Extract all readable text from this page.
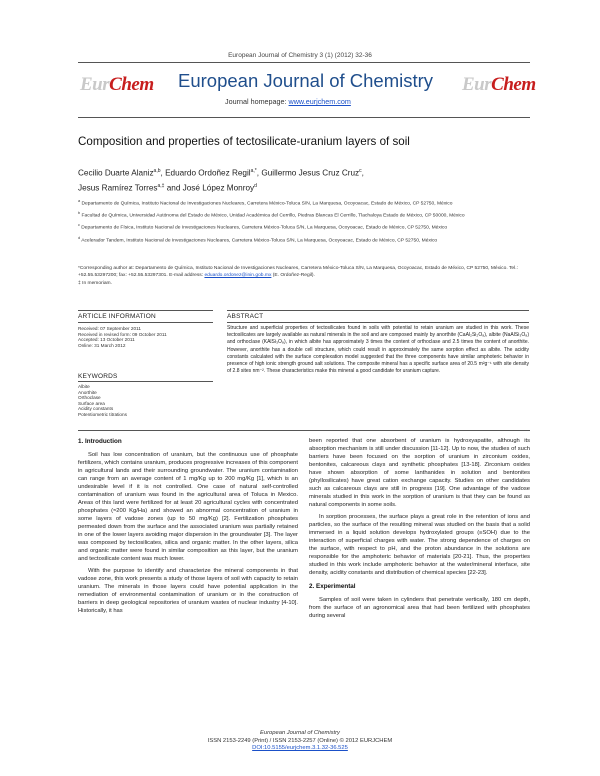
European Journal of Chemistry 3 (1) (2012) 32-36
EurChem	EurChem
European Journal of Chemistry
Journal homepage: www.eurjchem.com
Composition and properties of tectosilicate-uranium layers of soil
Cecilio Duarte Alaniz$^{a,b}$, Eduardo Ordoñez Regil$^{a,*}$, Guillermo Jesus Cruz Cruz$^c$,
Jesus Ramírez Torres$^{a,\ddagger}$ and José López Monroy$^d$

$^a$ Departamento de Química, Instituto Nacional de Investigaciones Nucleares, Carretera México-Toluca S/N, La Marquesa, Ocoyoacac, Estado de México, CP 52750, México

$^b$ Facultad de Química, Universidad Autónoma del Estado de México, Unidad Académica del Cerrillo, Piedras Blancas El Cerrillo, Tlachaloya Estado de México, CP 50000, México

$^c$ Departamento de Física, Instituto Nacional de Investigaciones Nucleares, Carretera México-Toluca S/N, La Marquesa, Ocoyoacac, Estado de México, CP 52750, México

$^d$ Acelerador Tandem, Instituto Nacional de Investigaciones Nucleares, Carretera México-Toluca S/N, La Marquesa, Ocoyoacac, Estado de México, CP 52750, México

*Corresponding author at: Departamento de Química, Instituto Nacional de Investigaciones Nucleares, Carretera México-Toluca S/N, La Marquesa, Ocoyoacac, Estado de México, CP 52750, México. Tel.: +52.55.53297200; fax: +52.55.53297301. E-mail address: eduardo.ordonez@inin.gob.mx (E. Ordoñez-Regil).

‡ In memoriam.

ARTICLE INFORMATION
Received: 07 September 2011
Received in revised form: 09 October 2011
Accepted: 13 October 2011
Online: 31 March 2012
KEYWORDS
Albite
Anorthite
Orthoclase
Surface area
Acidity constants
Potentiometric titrations
ABSTRACT
Structure and superficial properties of tectosilicates found in soils with potential to retain uranium are studied in this work. These tectosilicates are largely available as natural minerals in the soil and are composed mainly by anorthite (CaAl₂Si₂O₈), albite (NaAlSi₃O₈) and orthoclase (KAlSi₃O₈), in which albite has approximately 3 times the content of orthoclase and 2.5 times the content of anorthite. However, anorthite has a double cell structure, which could result in approximately the same sorption effect as albite. The acidity constants calculated with the surface complexation model suggested that the three components have similar amphoteric behavior in presence of high ionic strength ground salt solutions. The composite mineral has a specific surface area of 20.5 m²g⁻¹ with site density of 2.8 sites nm⁻². These characteristics make this mineral a good candidate for uranium capture.
1. Introduction

Soil has low concentration of uranium, but the continuous use of phosphate fertilizers, which contains uranium, produces progressive increases of this component in agricultural lands and their surrounding groundwater. The uranium contamination can range from an average content of 1 mg/Kg up to 200 mg/Kg [1], which is an undesirable level if it is not controlled. One case of natural self-controlled contamination of uranium was found in the agricultural area of Toluca in Mexico. Areas of this land were fertilized for at least 20 agricultural cycles with concentrated phosphates (≈200 Kg/Ha) and showed an abnormal concentration of uranium in some layers of vadose zones (up to 50 mg/Kg) [2]. Fertilization phosphates permeated down from the surface and the associated uranium was partially retained in one of the lower layers avoiding major dispersion in the groundwater [3]. The layer was composed by tectosilicates, silica and organic matter. In the other layers, silica and organic matter were found in similar composition as this layer, but the uranium and tectosilicate content was much lower.

With the purpose to identify and characterize the mineral components in that vadose zone, this work presents a study of those layers of soil with capacity to retain uranium. The minerals in those layers could have potential application in the remediation of environmental contamination of uranium or in the construction of barriers in deep geological repositories of uranium wastes of nuclear industry [4-10]. Historically, it has

been reported that one absorbent of uranium is hydroxyapatite, although its absorption mechanism is still under discussion [11-12]. Up to now, the studies of such barriers have been focused on the sorption of uranium in zirconium oxides, bentonites, calcareous clays and synthetic phosphates [13-18]. Zirconium oxides have shown absorption of some lanthanides in solution and bentonites (phyllosilicates) have great cation exchange capacity. Studies on other candidates such as calcareous clays are still in progress [19]. One advantage of the vadose minerals studied in this work in the sorption of uranium is that they can be found as natural components in some soils.

In sorption processes, the surface plays a great role in the retention of ions and particles, so the surface of the resulting mineral was studied on the basis that a solid immersed in a liquid solution develops hydroxylated groups (≡SOH) due to the interaction of superficial charges with water. The strong dependence of charges on the surface, with respect to pH, and the proton abundance in the solutions are responsible for the amphoteric behavior of materials [20-21]. Thus, the properties studied in this work include amphoteric behavior at the water/mineral interface, site density, acidity constants and distribution of chemical species [22-23].

2. Experimental

Samples of soil were taken in cylinders that penetrate vertically, 180 cm depth, from the surface of an agronomical area that had been fertilized with phosphates during several

European Journal of Chemistry
ISSN 2153-2249 (Print) / ISSN 2153-2257 (Online) © 2012 EURJCHEM
DOI:10.5155/eurjchem.3.1.32-36.525
